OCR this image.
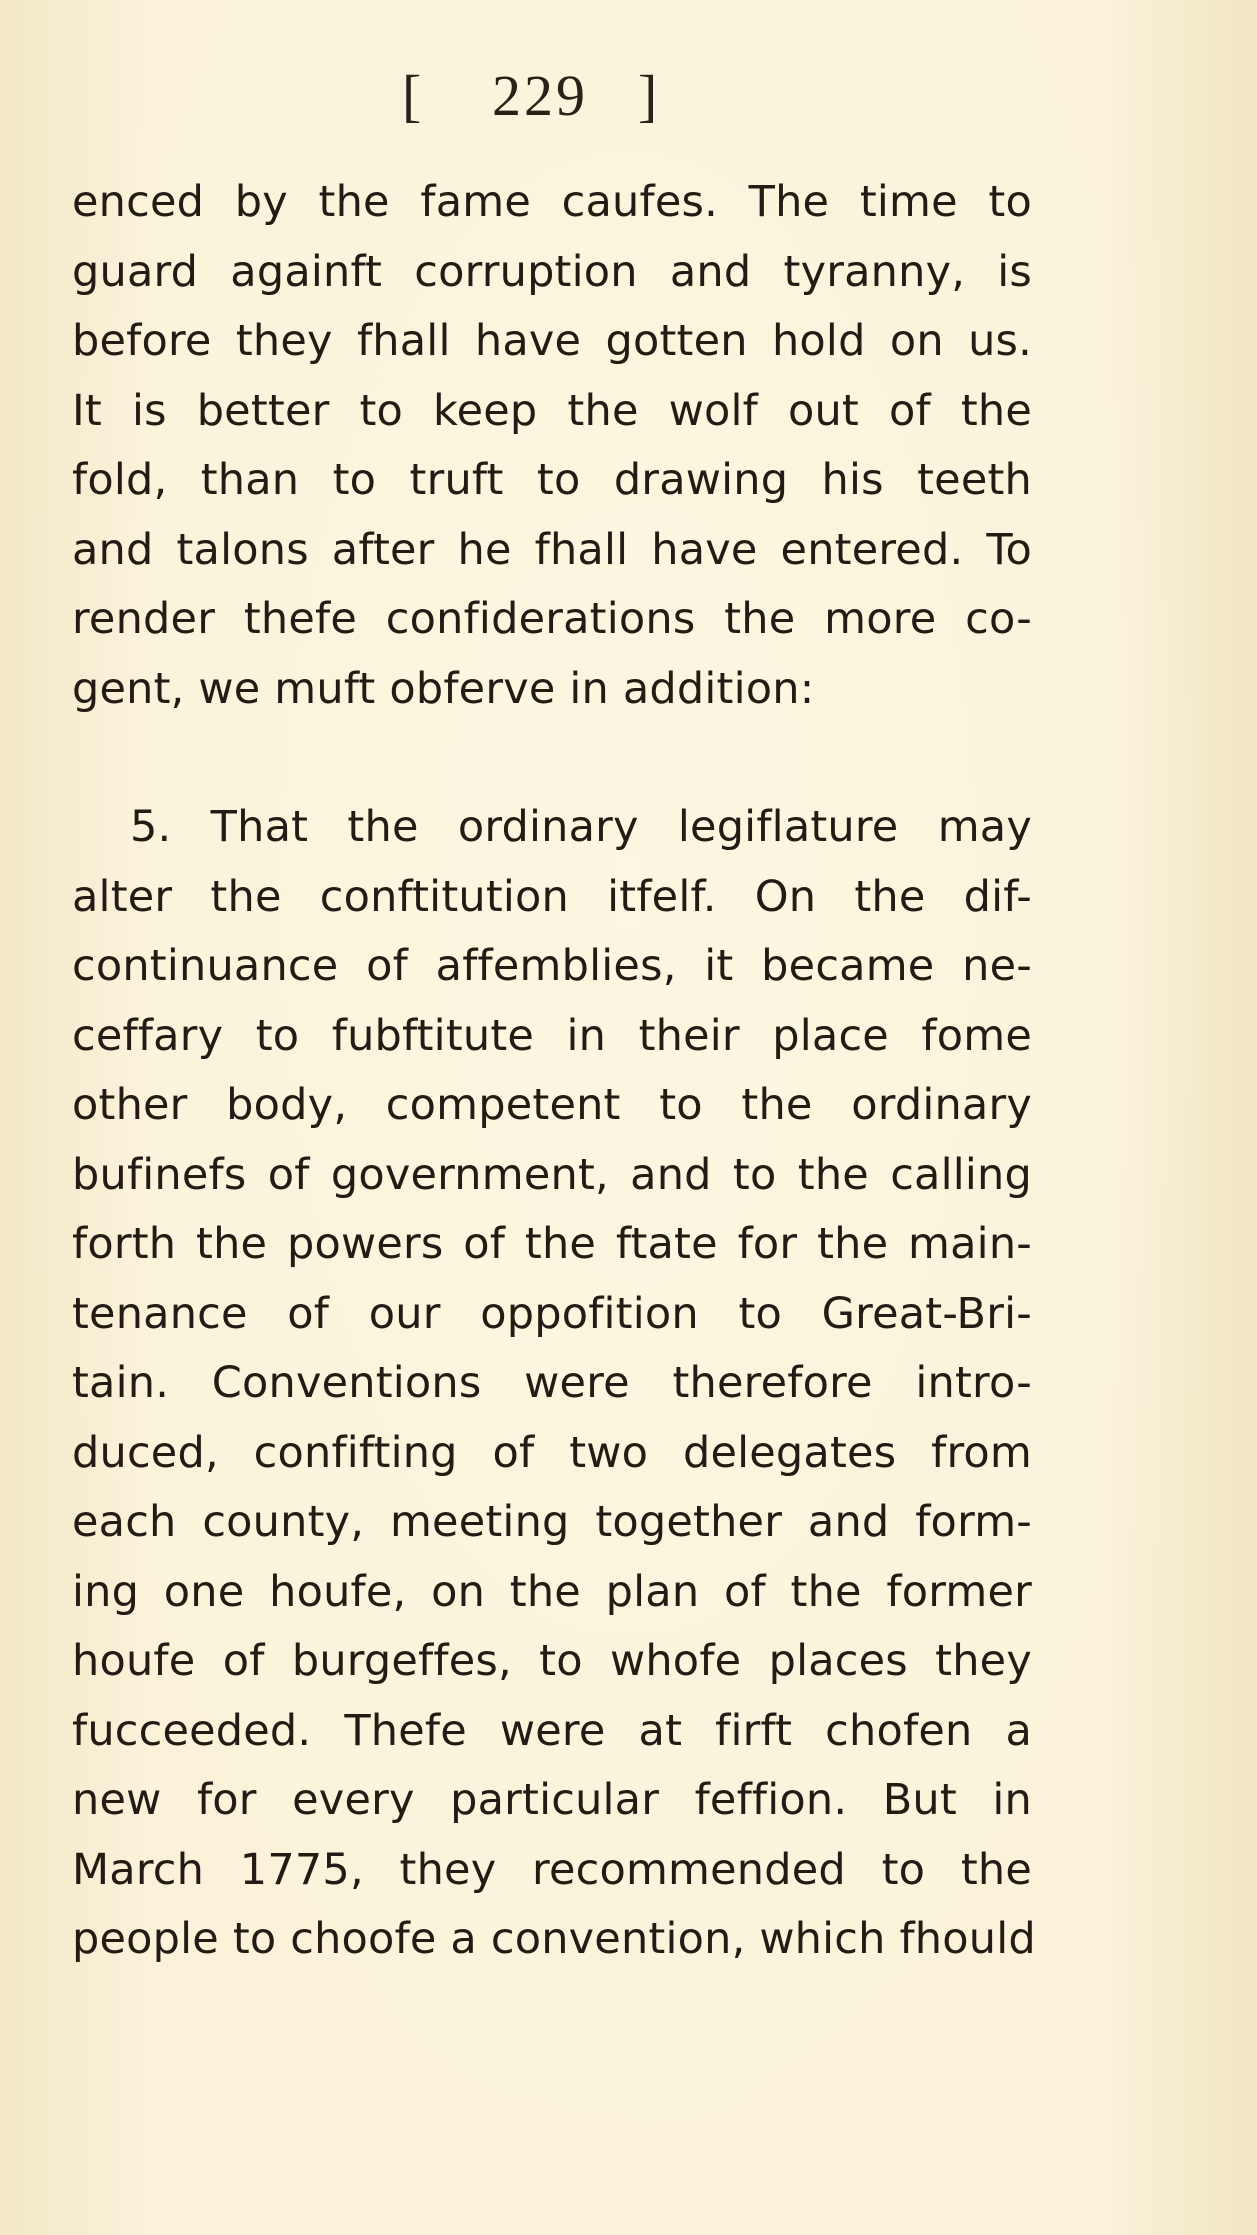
[ 229 ]
enced by the fame caufes. The time to
guard againft corruption and tyranny, is
before they fhall have gotten hold on us.
It is better to keep the wolf out of the
fold, than to truft to drawing his teeth
and talons after he fhall have entered. To
render thefe confiderations the more co-
gent, we muft obferve in addition:
5. That the ordinary legiflature may
alter the conftitution itfelf. On the dif-
continuance of affemblies, it became ne-
ceffary to fubftitute in their place fome
other body, competent to the ordinary
bufinefs of government, and to the calling
forth the powers of the ftate for the main-
tenance of our oppofition to Great-Bri-
tain. Conventions were therefore intro-
duced, confifting of two delegates from
each county, meeting together and form-
ing one houfe, on the plan of the former
houfe of burgeffes, to whofe places they
fucceeded. Thefe were at firft chofen a
new for every particular feffion. But in
March 1775, they recommended to the
people to choofe a convention, which fhould
